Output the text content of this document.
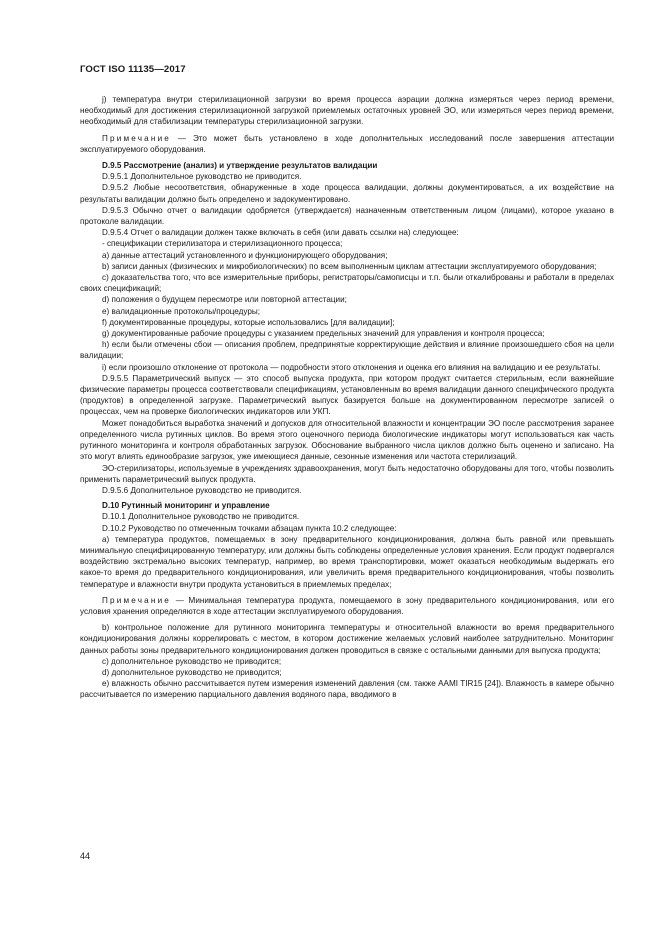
ГОСТ ISO 11135—2017

j) температура внутри стерилизационной загрузки во время процесса аэрации должна измеряться через период времени, необходимый для достижения стерилизационной загрузкой приемлемых остаточных уровней ЭО, или измеряться через период времени, необходимый для стабилизации температуры стерилизационной загрузки.

Примечание — Это может быть установлено в ходе дополнительных исследований после завершения аттестации эксплуатируемого оборудования.

D.9.5 Рассмотрение (анализ) и утверждение результатов валидации

D.9.5.1 Дополнительное руководство не приводится.

D.9.5.2 Любые несоответствия, обнаруженные в ходе процесса валидации, должны документироваться, а их воздействие на результаты валидации должно быть определено и задокументировано.

D.9.5.3 Обычно отчет о валидации одобряется (утверждается) назначенным ответственным лицом (лицами), которое указано в протоколе валидации.

D.9.5.4 Отчет о валидации должен также включать в себя (или давать ссылки на) следующее:

- спецификации стерилизатора и стерилизационного процесса;

a) данные аттестаций установленного и функционирующего оборудования;

b) записи данных (физических и микробиологических) по всем выполненным циклам аттестации эксплуатируемого оборудования;

c) доказательства того, что все измерительные приборы, регистраторы/самописцы и т.п. были откалиброваны и работали в пределах своих спецификаций;

d) положения о будущем пересмотре или повторной аттестации;

e) валидационные протоколы/процедуры;

f) документированные процедуры, которые использовались [для валидации];

g) документированные рабочие процедуры с указанием предельных значений для управления и контроля процесса;

h) если были отмечены сбои — описания проблем, предпринятые корректирующие действия и влияние произошедшего сбоя на цели валидации;

i) если произошло отклонение от протокола — подробности этого отклонения и оценка его влияния на валидацию и ее результаты.

D.9.5.5 Параметрический выпуск — это способ выпуска продукта, при котором продукт считается стерильным, если важнейшие физические параметры процесса соответствовали спецификациям, установленным во время валидации данного специфического продукта (продуктов) в определенной загрузке. Параметрический выпуск базируется больше на документированном пересмотре записей о процессах, чем на проверке биологических индикаторов или УКП.

Может понадобиться выработка значений и допусков для относительной влажности и концентрации ЭО после рассмотрения заранее определенного числа рутинных циклов. Во время этого оценочного периода биологические индикаторы могут использоваться как часть рутинного мониторинга и контроля обработанных загрузок. Обоснование выбранного числа циклов должно быть оценено и записано. На это могут влиять единообразие загрузок, уже имеющиеся данные, сезонные изменения или частота стерилизаций.

ЭО-стерилизаторы, используемые в учреждениях здравоохранения, могут быть недостаточно оборудованы для того, чтобы позволить применить параметрический выпуск продукта.

D.9.5.6 Дополнительное руководство не приводится.

D.10 Рутинный мониторинг и управление

D.10.1 Дополнительное руководство не приводится.

D.10.2 Руководство по отмеченным точками абзацам пункта 10.2 следующее:

a) температура продуктов, помещаемых в зону предварительного кондиционирования, должна быть равной или превышать минимальную специфицированную температуру, или должны быть соблюдены определенные условия хранения. Если продукт подвергался воздействию экстремально высоких температур, например, во время транспортировки, может оказаться необходимым выдержать его какое-то время до предварительного кондиционирования, или увеличить время предварительного кондиционирования, чтобы позволить температуре и влажности внутри продукта установиться в приемлемых пределах;

Примечание — Минимальная температура продукта, помещаемого в зону предварительного кондиционирования, или его условия хранения определяются в ходе аттестации эксплуатируемого оборудования.

b) контрольное положение для рутинного мониторинга температуры и относительной влажности во время предварительного кондиционирования должны коррелировать с местом, в котором достижение желаемых условий наиболее затруднительно. Мониторинг данных работы зоны предварительного кондиционирования должен проводиться в связке с остальными данными для выпуска продукта;

c) дополнительное руководство не приводится;

d) дополнительное руководство не приводится;

e) влажность обычно рассчитывается путем измерения изменений давления (см. также AAMI TIR15 [24]). Влажность в камере обычно рассчитывается по измерению парциального давления водяного пара, вводимого в

44
